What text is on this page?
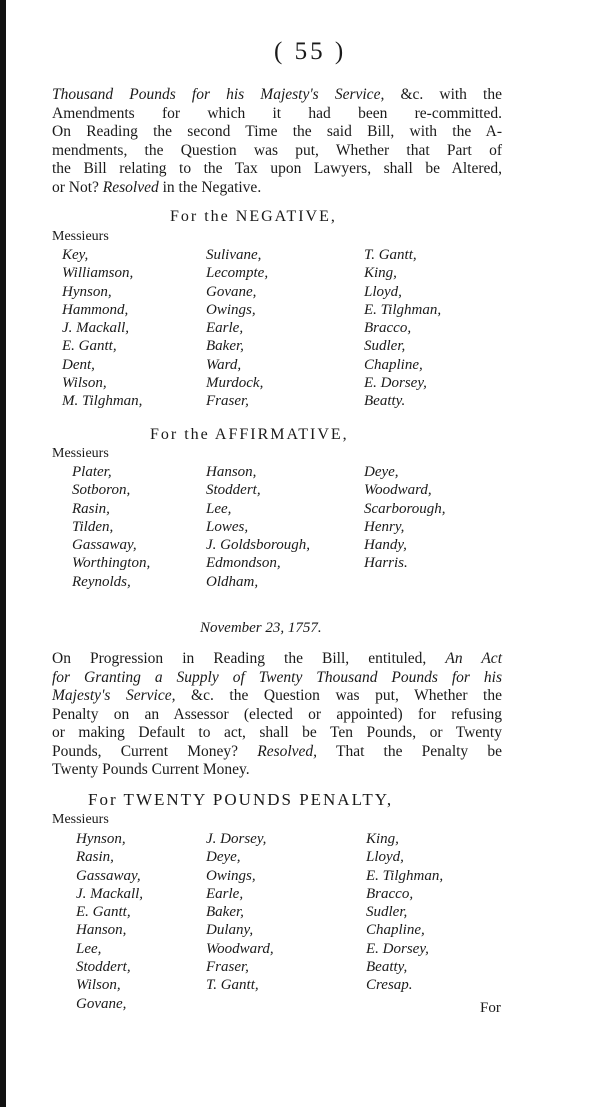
( 55 )
Thousand Pounds for his Majesty's Service, &c. with the
Amendments for which it had been re-committed.
On Reading the second Time the said Bill, with the A-
mendments, the Question was put, Whether that Part of
the Bill relating to the Tax upon Lawyers, shall be Altered,
or Not? Resolved in the Negative.
For the NEGATIVE,
Messieurs
Key,
Williamson,
Hynson,
Hammond,
J. Mackall,
E. Gantt,
Dent,
Wilson,
M. Tilghman,
Sulivane,
Lecompte,
Govane,
Owings,
Earle,
Baker,
Ward,
Murdock,
Fraser,
T. Gantt,
King,
Lloyd,
E. Tilghman,
Bracco,
Sudler,
Chapline,
E. Dorsey,
Beatty.
For the AFFIRMATIVE,
Messieurs
Plater,
Sotboron,
Rasin,
Tilden,
Gassaway,
Worthington,
Reynolds,
Hanson,
Stoddert,
Lee,
Lowes,
J. Goldsborough,
Edmondson,
Oldham,
Deye,
Woodward,
Scarborough,
Henry,
Handy,
Harris.
November 23, 1757.
On Progression in Reading the Bill, entituled, An Act
for Granting a Supply of Twenty Thousand Pounds for his
Majesty's Service, &c. the Question was put, Whether the
Penalty on an Assessor (elected or appointed) for refusing
or making Default to act, shall be Ten Pounds, or Twenty
Pounds, Current Money? Resolved, That the Penalty be
Twenty Pounds Current Money.
For TWENTY POUNDS PENALTY,
Messieurs
Hynson,
Rasin,
Gassaway,
J. Mackall,
E. Gantt,
Hanson,
Lee,
Stoddert,
Wilson,
Govane,
J. Dorsey,
Deye,
Owings,
Earle,
Baker,
Dulany,
Woodward,
Fraser,
T. Gantt,
King,
Lloyd,
E. Tilghman,
Bracco,
Sudler,
Chapline,
E. Dorsey,
Beatty,
Cresap.
For
